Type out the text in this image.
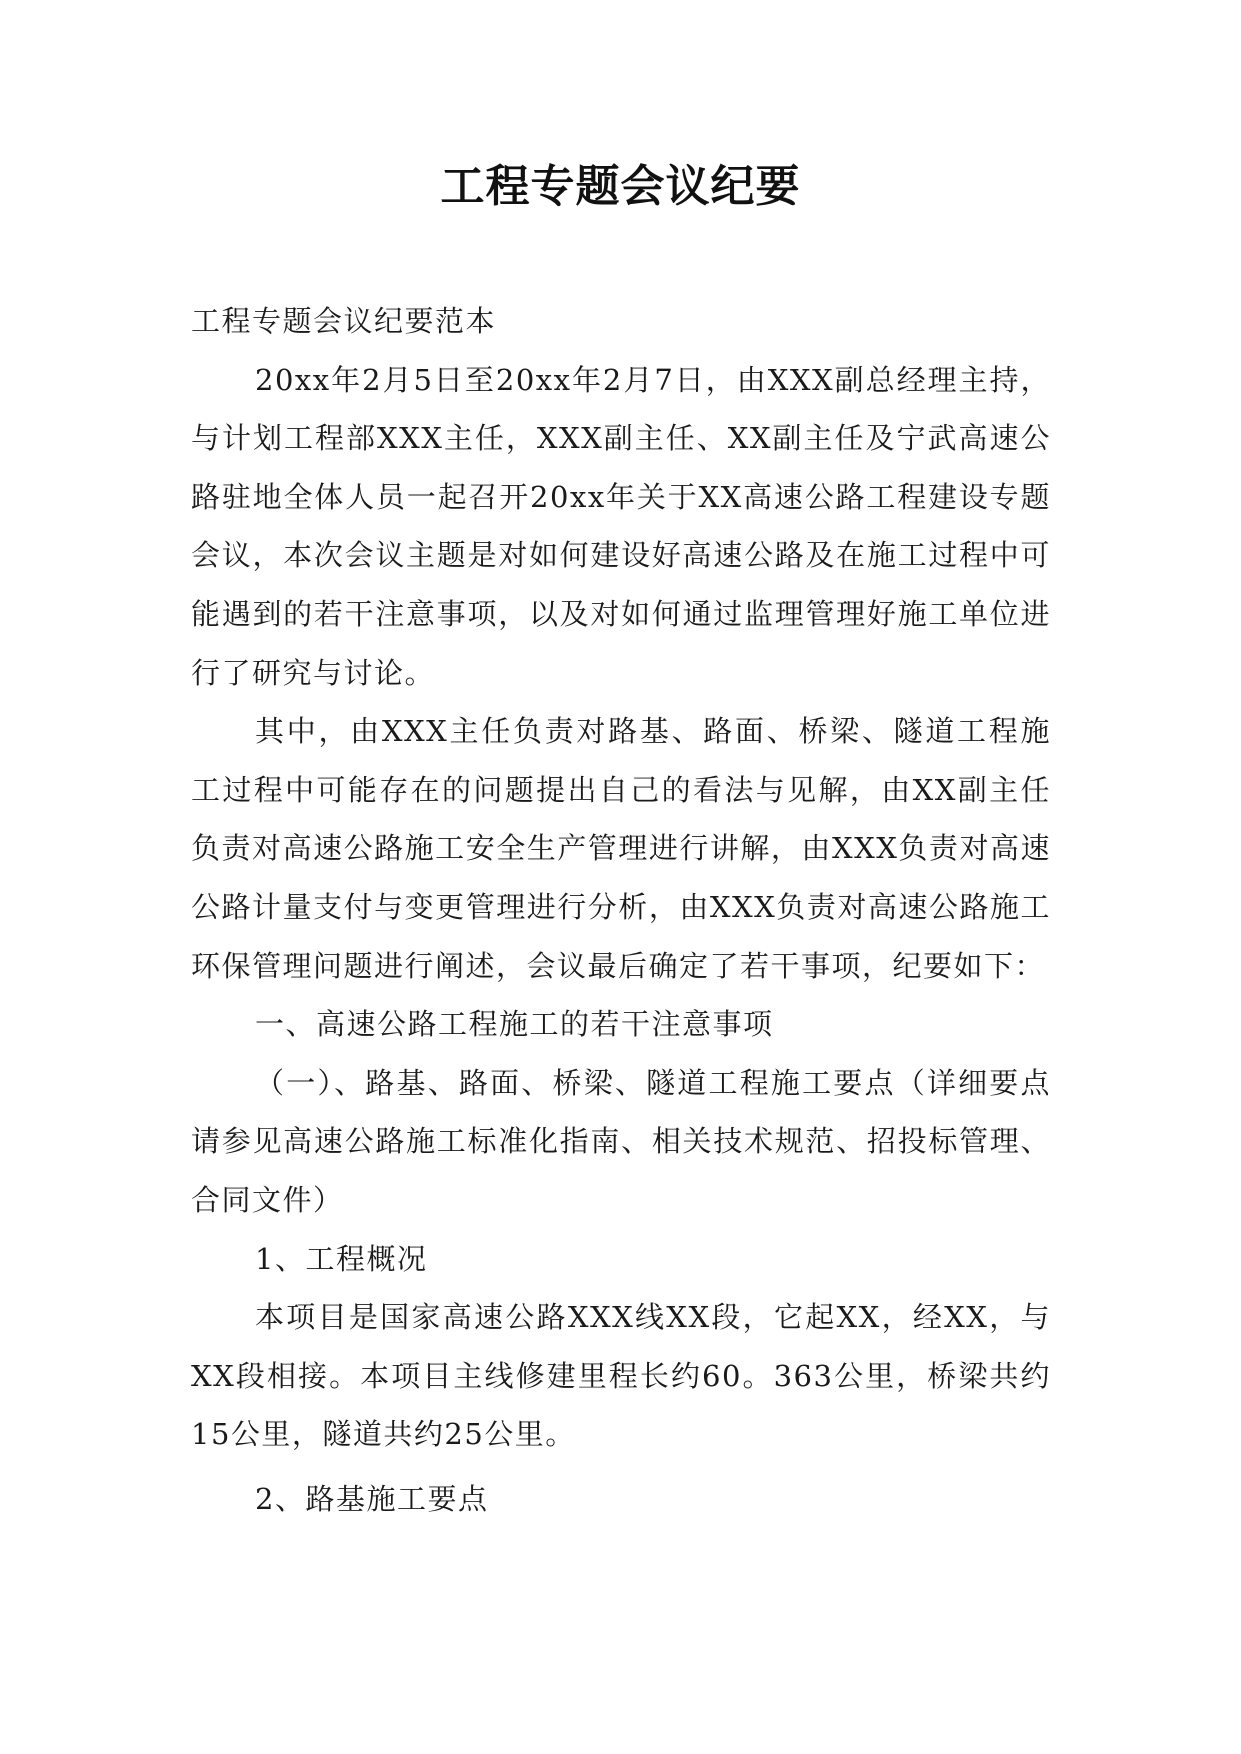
工程专题会议纪要

工程专题会议纪要范本

20xx年2月5日至20xx年2月7日，由XXX副总经理主持，与计划工程部XXX主任，XXX副主任、XX副主任及宁武高速公路驻地全体人员一起召开20xx年关于XX高速公路工程建设专题会议，本次会议主题是对如何建设好高速公路及在施工过程中可能遇到的若干注意事项，以及对如何通过监理管理好施工单位进行了研究与讨论。

其中，由XXX主任负责对路基、路面、桥梁、隧道工程施工过程中可能存在的问题提出自己的看法与见解，由XX副主任负责对高速公路施工安全生产管理进行讲解，由XXX负责对高速公路计量支付与变更管理进行分析，由XXX负责对高速公路施工环保管理问题进行阐述，会议最后确定了若干事项，纪要如下：

一、高速公路工程施工的若干注意事项

（一）、路基、路面、桥梁、隧道工程施工要点（详细要点请参见高速公路施工标准化指南、相关技术规范、招投标管理、合同文件）

1、工程概况

本项目是国家高速公路XXX线XX段，它起XX，经XX，与XX段相接。本项目主线修建里程长约60。363公里，桥梁共约15公里，隧道共约25公里。

2、路基施工要点
